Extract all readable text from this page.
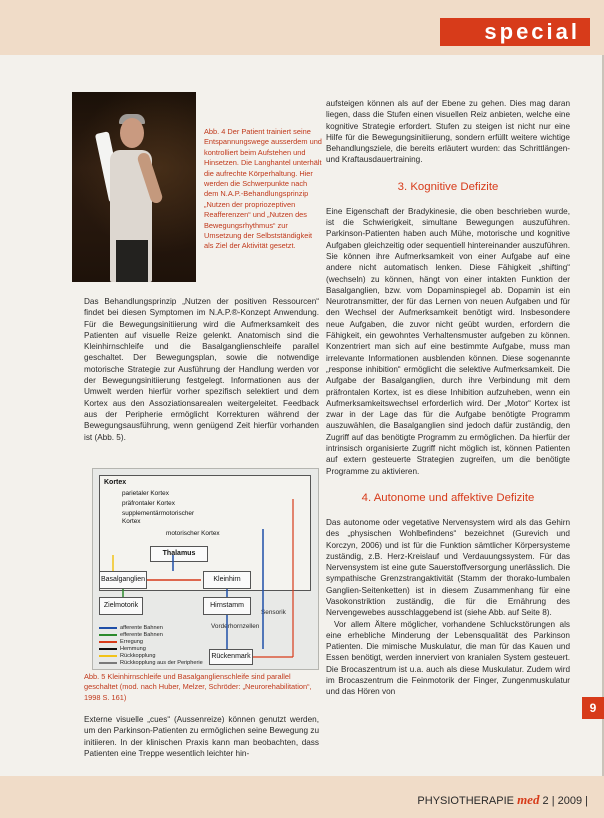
special
Abb. 4 Der Patient trainiert seine Entspannungswege ausserdem und kontrolliert beim Aufstehen und Hinsetzen. Die Langhantel unterhält die aufrechte Körperhaltung. Hier werden die Schwerpunkte nach dem N.A.P.-Behandlungsprinzip „Nutzen der propriozeptiven Reafferenzen“ und „Nutzen des Bewegungsrhythmus“ zur Umsetzung der Selbstständigkeit als Ziel der Aktivität gesetzt.

Das Behandlungsprinzip „Nutzen der positiven Ressourcen“ findet bei diesen Symptomen im N.A.P.®-Konzept Anwendung. Für die Bewegungsinitiierung wird die Aufmerksamkeit des Patienten auf visuelle Reize gelenkt. Anatomisch sind die Kleinhirnschleife und die Basalganglienschleife parallel geschaltet. Der Bewegungsplan, sowie die notwendige motorische Strategie zur Ausführung der Handlung werden vor der Bewegungsinitiierung festgelegt. Informationen aus der Umwelt werden hierfür vorher spezifisch selektiert und dem Kortex aus den Assoziationsarealen weitergeleitet. Feedback aus der Peripherie ermöglicht Korrekturen während der Bewegungsausführung, wenn genügend Zeit hierfür vorhanden ist (Abb. 5).

Kortex
parietaler Kortex
präfrontaler Kortex
supplementärmotorischer Kortex
motorischer Kortex
Thalamus
Basalganglien
Zielmotorik
Kleinhirn
Hirnstamm
Rückenmark
Vorderhornzellen
Sensorik
afferente Bahnen
efferente Bahnen
Erregung
Hemmung
Rückkopplung
Rückkopplung aus der Peripherie
Abb. 5 Kleinhirnschleife und Basalganglienschleife sind parallel geschaltet (mod. nach Huber, Melzer, Schröder: „Neurorehabilitation“, 1998 S. 161)

Externe visuelle „cues“ (Aussenreize) können genutzt werden, um den Parkinson-Patienten zu ermöglichen seine Bewegung zu initiieren. In der klinischen Praxis kann man beobachten, dass Patienten eine Treppe wesentlich leichter hin-

aufsteigen können als auf der Ebene zu gehen. Dies mag daran liegen, dass die Stufen einen visuellen Reiz anbieten, welche eine kognitive Strategie erfordert. Stufen zu steigen ist nicht nur eine Hilfe für die Bewegungsinitiierung, sondern erfüllt weitere wichtige Behandlungsziele, die bereits erläutert wurden: das Schrittlängen- und Kraftausdauertraining.

3. Kognitive Defizite

Eine Eigenschaft der Bradykinesie, die oben beschrieben wurde, ist die Schwierigkeit, simultane Bewegungen auszuführen. Parkinson-Patienten haben auch Mühe, motorische und kognitive Aufgaben gleichzeitig oder sequentiell hintereinander auszuführen. Sie können ihre Aufmerksamkeit von einer Aufgabe auf eine andere nicht automatisch lenken. Diese Fähigkeit „shifting“ (wechseln) zu können, hängt von einer intakten Funktion der Basalganglien, bzw. vom Dopaminspiegel ab. Dopamin ist ein Neurotransmitter, der für das Lernen von neuen Aufgaben und für den Wechsel der Aufmerksamkeit benötigt wird. Insbesondere neue Aufgaben, die zuvor nicht geübt wurden, erfordern die Fähigkeit, ein gewohntes Verhaltensmuster aufgeben zu können. Konzentriert man sich auf eine bestimmte Aufgabe, muss man irrelevante Informationen ausblenden können. Diese sogenannte „response inhibition“ ermöglicht die selektive Aufmerksamkeit. Die Aufgabe der Basalganglien, durch ihre Verbindung mit dem präfrontalen Kortex, ist es diese Inhibition aufzuheben, wenn ein Aufmerksamkeitswechsel erforderlich wird. Der „Motor“ Kortex ist zwar in der Lage das für die Aufgabe benötigte Programm auszuwählen, die Basalganglien sind jedoch dafür zuständig, den Zugriff auf das benötigte Programm zu ermöglichen. Da hierfür der intrinsisch organisierte Zugriff nicht möglich ist, können Patienten auf extern gesteuerte Strategien zugreifen, um die benötigte Programme zu aktivieren.

4. Autonome und affektive Defizite

Das autonome oder vegetative Nervensystem wird als das Gehirn des „physischen Wohlbefindens“ bezeichnet (Gurevich und Korczyn, 2006) und ist für die Funktion sämtlicher Körpersysteme zuständig, z.B. Herz-Kreislauf und Verdauungssystem. Für das Nervensystem ist eine gute Sauerstoffversorgung unerlässlich. Die sympathische Grenzstrangaktivität (Stamm der thorako-lumbalen Ganglien-Seitenketten) ist in diesem Zusammenhang für eine Vasokonstriktion zuständig, die für die Ernährung des Nervengewebes ausschlaggebend ist (siehe Abb. auf Seite 8).

Vor allem Ältere möglicher, vorhandene Schluckstörungen als eine erhebliche Minderung der Lebensqualität des Parkinson Patienten. Die mimische Muskulatur, die man für das Kauen und Essen benötigt, werden innerviert von kranialen System gesteuert. Die Brocaszentrum ist u.a. auch als diese Muskulatur. Zudem wird im Brocaszentrum die Feinmotorik der Finger, Zungenmuskulatur und das Hören von

9
PHYSIOTHERAPIE med 2 | 2009 |
